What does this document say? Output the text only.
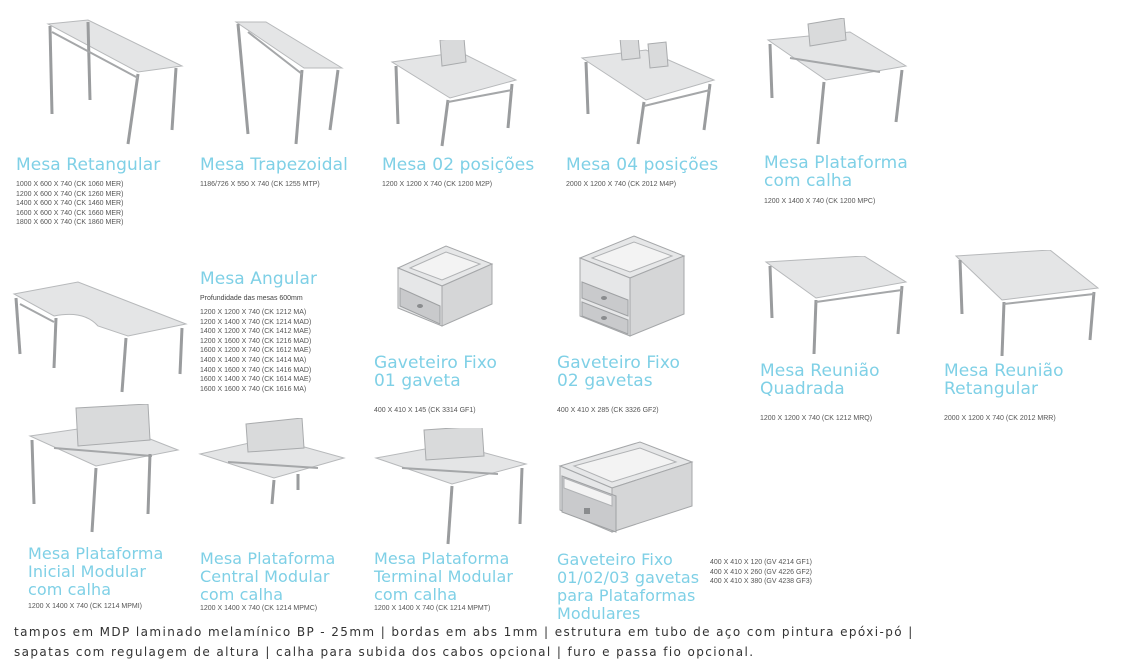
Mesa Retangular
1000 X 600 X 740 (CK 1060 MER)
1200 X 600 X 740 (CK 1260 MER)
1400 X 600 X 740 (CK 1460 MER)
1600 X 600 X 740 (CK 1660 MER)
1800 X 600 X 740 (CK 1860 MER)
Mesa Trapezoidal
1186/726 X 550 X 740 (CK 1255 MTP)
Mesa 02 posições
1200 X 1200 X 740 (CK 1200 M2P)
Mesa 04 posições
2000 X 1200 X 740 (CK 2012 M4P)
Mesa Plataforma
com calha
1200 X 1400 X 740 (CK 1200 MPC)
Mesa Angular
Profundidade das mesas 600mm
1200 X 1200 X 740 (CK 1212 MA)
1200 X 1400 X 740 (CK 1214 MAD)
1400 X 1200 X 740 (CK 1412 MAE)
1200 X 1600 X 740 (CK 1216 MAD)
1600 X 1200 X 740 (CK 1612 MAE)
1400 X 1400 X 740 (CK 1414 MA)
1400 X 1600 X 740 (CK 1416 MAD)
1600 X 1400 X 740 (CK 1614 MAE)
1600 X 1600 X 740 (CK 1616 MA)
Gaveteiro Fixo
01 gaveta
400 X 410 X 145 (CK 3314 GF1)
Gaveteiro Fixo
02 gavetas
400 X 410 X 285 (CK 3326 GF2)
Mesa Reunião
Quadrada
1200 X 1200 X 740 (CK 1212 MRQ)
Mesa Reunião
Retangular
2000 X 1200 X 740 (CK 2012 MRR)
Mesa Plataforma
Inicial Modular
com calha
1200 X 1400 X 740 (CK 1214 MPMI)
Mesa Plataforma
Central Modular
com calha
1200 X 1400 X 740 (CK 1214 MPMC)
Mesa Plataforma
Terminal Modular
com calha
1200 X 1400 X 740 (CK 1214 MPMT)
Gaveteiro Fixo
01/02/03 gavetas
para Plataformas
Modulares
400 X 410 X 120 (GV 4214 GF1)
400 X 410 X 260 (GV 4226 GF2)
400 X 410 X 380 (GV 4238 GF3)
tampos em MDP laminado melamínico BP - 25mm | bordas em abs 1mm | estrutura em tubo de aço com pintura epóxi-pó |
sapatas com regulagem de altura | calha para subida dos cabos opcional | furo e passa fio opcional.
